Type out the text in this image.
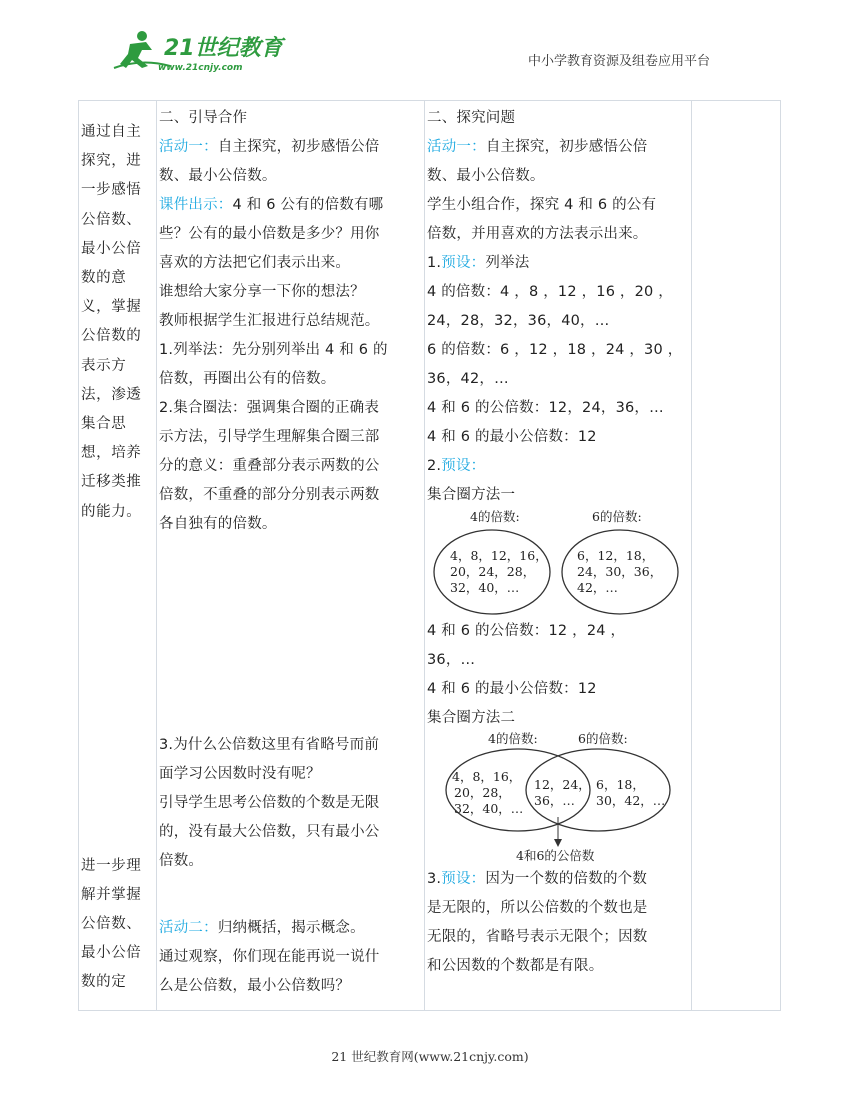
21世纪教育
www.21cnjy.com	中小学教育资源及组卷应用平台
通过自主
探究，进
一步感悟
公倍数、
最小公倍
数的意
义，掌握
公倍数的
表示方
法，渗透
集合思
想，培养
迁移类推
的能力。
进一步理
解并掌握
公倍数、
最小公倍
数的定
二、引导合作
活动一：自主探究，初步感悟公倍
数、最小公倍数。
课件出示：4 和 6 公有的倍数有哪
些？公有的最小倍数是多少？用你
喜欢的方法把它们表示出来。
谁想给大家分享一下你的想法？
教师根据学生汇报进行总结规范。
1.列举法：先分别列举出 4 和 6 的
倍数，再圈出公有的倍数。
2.集合圈法：强调集合圈的正确表
示方法，引导学生理解集合圈三部
分的意义：重叠部分表示两数的公
倍数，不重叠的部分分别表示两数
各自独有的倍数。
3.为什么公倍数这里有省略号而前
面学习公因数时没有呢？
引导学生思考公倍数的个数是无限
的，没有最大公倍数，只有最小公
倍数。
活动二：归纳概括，揭示概念。
通过观察，你们现在能再说一说什
么是公倍数，最小公倍数吗？
二、探究问题
活动一：自主探究，初步感悟公倍
数、最小公倍数。
学生小组合作，探究 4 和 6 的公有
倍数，并用喜欢的方法表示出来。
1.预设：列举法
4 的倍数：4 ，8 ，12 ，16 ，20 ，
24，28，32，36，40，…
6 的倍数：6 ，12 ，18 ，24 ，30 ，
36，42，…
4 和 6 的公倍数：12，24，36，…
4 和 6 的最小公倍数：12
2.预设：
集合圈方法一
4的倍数:	6的倍数:
4，8，12，16，
20，24，28，
32，40，…
6，12，18，
24，30，36，
42，…
4 和 6 的公倍数：12 ，24 ，
36，…
4 和 6 的最小公倍数：12
集合圈方法二
4的倍数:	6的倍数:
4，8，16，
20，28，
32，40，…
12，24，
36，…
6，18，
30，42，…
4和6的公倍数
3.预设：因为一个数的倍数的个数
是无限的，所以公倍数的个数也是
无限的，省略号表示无限个；因数
和公因数的个数都是有限。
21 世纪教育网(www.21cnjy.com)
